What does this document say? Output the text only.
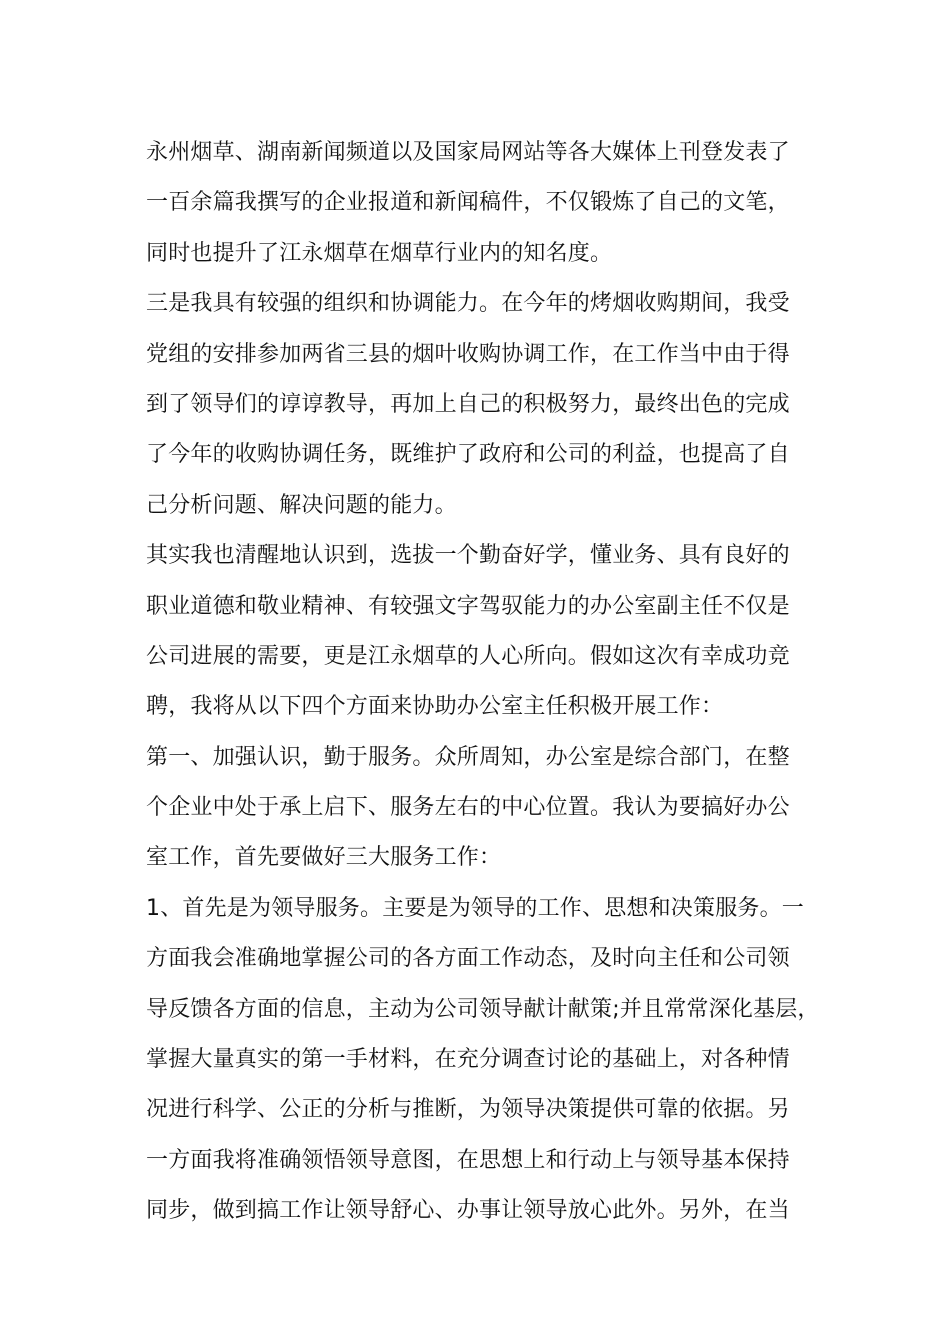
永州烟草、湖南新闻频道以及国家局网站等各大媒体上刊登发表了
一百余篇我撰写的企业报道和新闻稿件，不仅锻炼了自己的文笔，
同时也提升了江永烟草在烟草行业内的知名度。
三是我具有较强的组织和协调能力。在今年的烤烟收购期间，我受
党组的安排参加两省三县的烟叶收购协调工作，在工作当中由于得
到了领导们的谆谆教导，再加上自己的积极努力，最终出色的完成
了今年的收购协调任务，既维护了政府和公司的利益，也提高了自
己分析问题、解决问题的能力。
其实我也清醒地认识到，选拔一个勤奋好学，懂业务、具有良好的
职业道德和敬业精神、有较强文字驾驭能力的办公室副主任不仅是
公司进展的需要，更是江永烟草的人心所向。假如这次有幸成功竞
聘，我将从以下四个方面来协助办公室主任积极开展工作：
第一、加强认识，勤于服务。众所周知，办公室是综合部门，在整
个企业中处于承上启下、服务左右的中心位置。我认为要搞好办公
室工作，首先要做好三大服务工作：
1、首先是为领导服务。主要是为领导的工作、思想和决策服务。一
方面我会准确地掌握公司的各方面工作动态，及时向主任和公司领
导反馈各方面的信息，主动为公司领导献计献策;并且常常深化基层，
掌握大量真实的第一手材料，在充分调查讨论的基础上，对各种情
况进行科学、公正的分析与推断，为领导决策提供可靠的依据。另
一方面我将准确领悟领导意图，在思想上和行动上与领导基本保持
同步，做到搞工作让领导舒心、办事让领导放心此外。另外，在当
